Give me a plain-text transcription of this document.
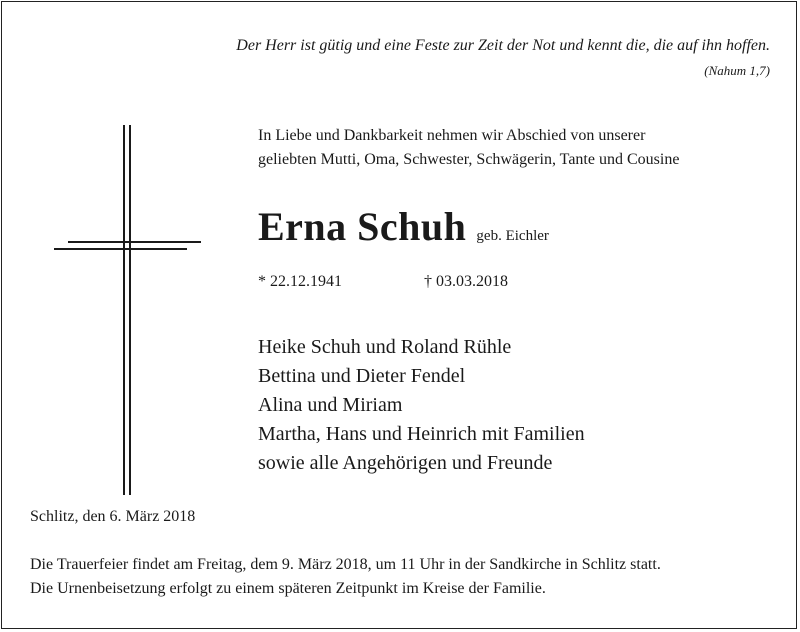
Der Herr ist gütig und eine Feste zur Zeit der Not und kennt die, die auf ihn hoffen.
(Nahum 1,7)
In Liebe und Dankbarkeit nehmen wir Abschied von unserer
geliebten Mutti, Oma, Schwester, Schwägerin, Tante und Cousine
Erna Schuh geb. Eichler
* 22.12.1941	† 03.03.2018
Heike Schuh und Roland Rühle
Bettina und Dieter Fendel
Alina und Miriam
Martha, Hans und Heinrich mit Familien
sowie alle Angehörigen und Freunde
Schlitz, den 6. März 2018
Die Trauerfeier findet am Freitag, dem 9. März 2018, um 11 Uhr in der Sandkirche in Schlitz statt.
Die Urnenbeisetzung erfolgt zu einem späteren Zeitpunkt im Kreise der Familie.
